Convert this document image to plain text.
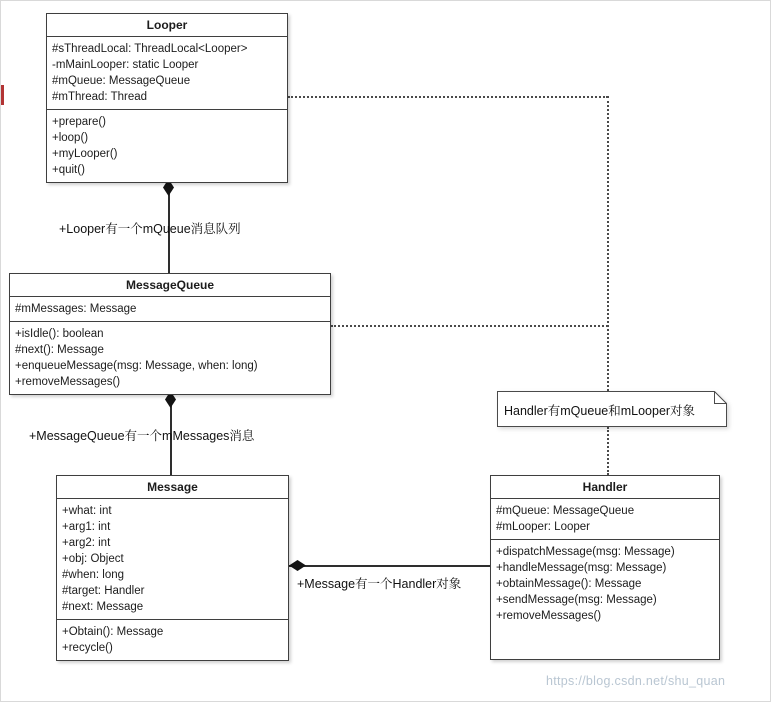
+Looper有一个mQueue消息队列
+MessageQueue有一个mMessages消息
+Message有一个Handler对象
Looper
#sThreadLocal: ThreadLocal<Looper>
-mMainLooper: static Looper
#mQueue: MessageQueue
#mThread: Thread
+prepare()
+loop()
+myLooper()
+quit()
MessageQueue
#mMessages: Message
+isIdle(): boolean
#next(): Message
+enqueueMessage(msg: Message, when: long)
+removeMessages()
Message
+what: int
+arg1: int
+arg2: int
+obj: Object
#when: long
#target: Handler
#next: Message
+Obtain(): Message
+recycle()
Handler
#mQueue: MessageQueue
#mLooper: Looper
+dispatchMessage(msg: Message)
+handleMessage(msg: Message)
+obtainMessage(): Message
+sendMessage(msg: Message)
+removeMessages()
Handler有mQueue和mLooper对象
https://blog.csdn.net/shu_quan
